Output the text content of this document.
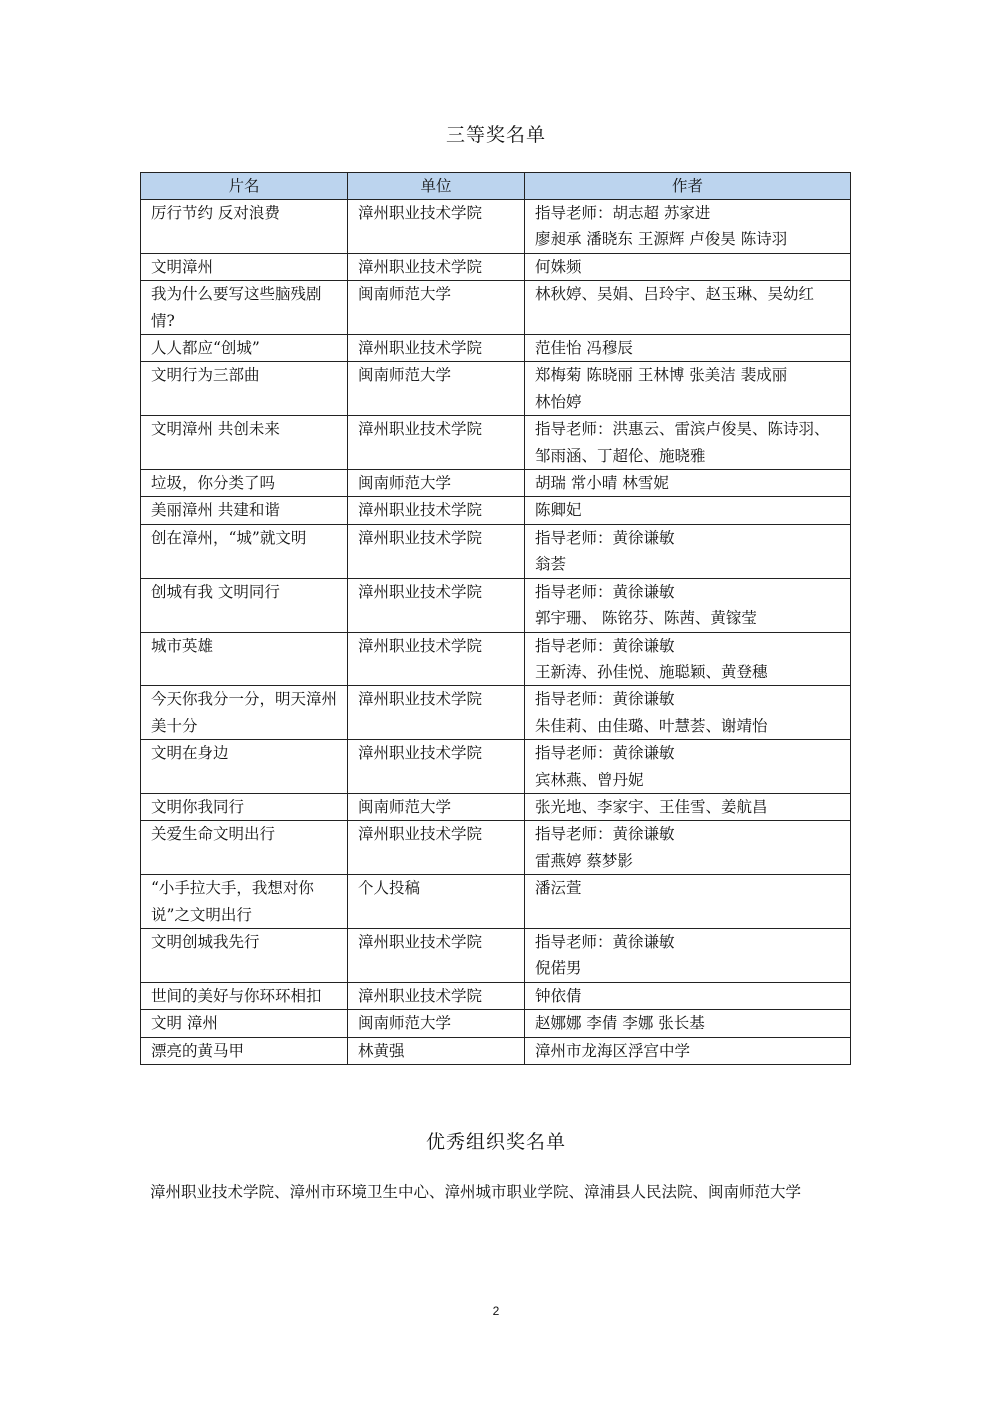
三等奖名单
片名	单位	作者
厉行节约 反对浪费	漳州职业技术学院	指导老师：胡志超 苏家进
廖昶承 潘晓东 王源辉 卢俊昊 陈诗羽

文明漳州	漳州职业技术学院	何姝频

我为什么要写这些脑残剧情?	闽南师范大学	林秋婷、吴娟、吕玲宇、赵玉琳、吴幼红

人人都应“创城”	漳州职业技术学院	范佳怡 冯穆辰

文明行为三部曲	闽南师范大学	郑梅菊 陈晓丽 王林博 张美洁 裴成丽
林怡婷

文明漳州 共创未来	漳州职业技术学院	指导老师：洪惠云、雷滨卢俊昊、陈诗羽、
邹雨涵、丁超伦、施晓雅

垃圾，你分类了吗	闽南师范大学	胡瑞 常小晴 林雪妮

美丽漳州 共建和谐	漳州职业技术学院	陈卿妃

创在漳州，“城”就文明	漳州职业技术学院	指导老师：黄徐谦敏
翁荟

创城有我 文明同行	漳州职业技术学院	指导老师：黄徐谦敏
郭宇珊、 陈铭芬、陈茜、黄镓莹

城市英雄	漳州职业技术学院	指导老师：黄徐谦敏
王新涛、孙佳悦、施聪颖、黄登穗

今天你我分一分，明天漳州美十分	漳州职业技术学院	指导老师：黄徐谦敏
朱佳莉、由佳璐、叶慧荟、谢靖怡

文明在身边	漳州职业技术学院	指导老师：黄徐谦敏
宾林燕、曾丹妮

文明你我同行	闽南师范大学	张光地、李家宇、王佳雪、姜航昌

关爱生命文明出行	漳州职业技术学院	指导老师：黄徐谦敏
雷燕婷 蔡梦影

“小手拉大手，我想对你说”之文明出行	个人投稿	潘沄萱

文明创城我先行	漳州职业技术学院	指导老师：黄徐谦敏
倪偌男

世间的美好与你环环相扣	漳州职业技术学院	钟依倩

文明 漳州	闽南师范大学	赵娜娜 李倩 李娜 张长基

漂亮的黄马甲	林黄强	漳州市龙海区浮宫中学
优秀组织奖名单
漳州职业技术学院、漳州市环境卫生中心、漳州城市职业学院、漳浦县人民法院、闽南师范大学
2
